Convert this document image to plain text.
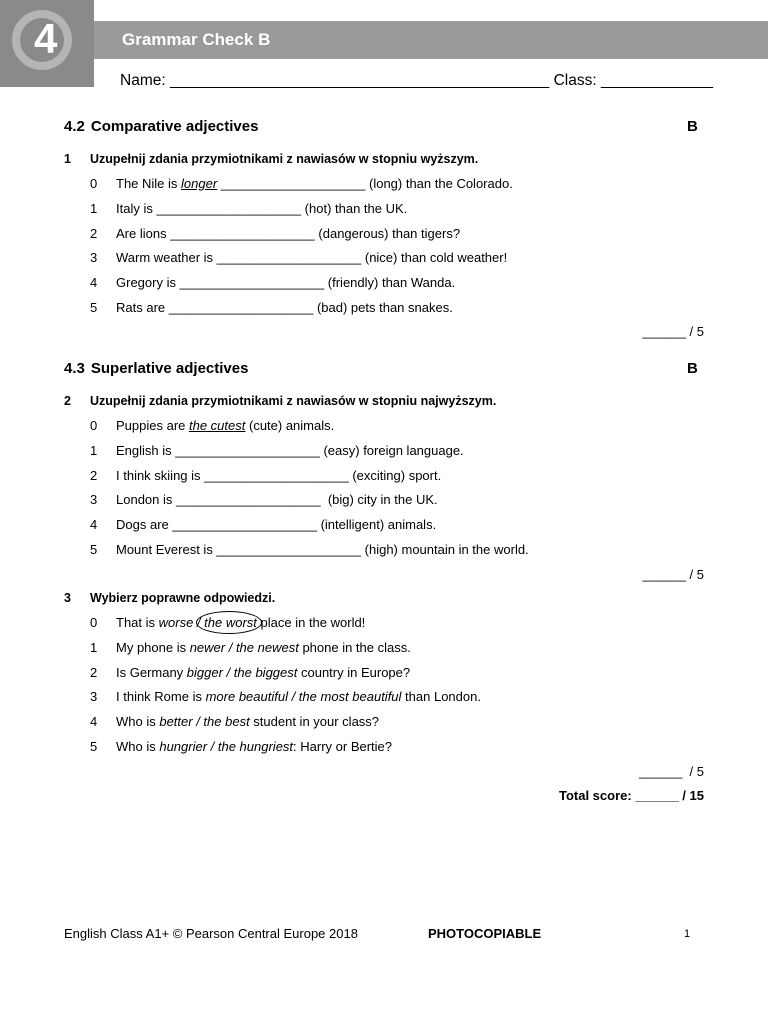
4	Grammar Check B
Name: ____________________________________________ Class: _____________
4.2 Comparative adjectives	B
1 Uzupełnij zdania przymiotnikami z nawiasów w stopniu wyższym.
0 The Nile is longer ____________________ (long) than the Colorado.
1 Italy is ____________________ (hot) than the UK.
2 Are lions ____________________ (dangerous) than tigers?
3 Warm weather is ____________________ (nice) than cold weather!
4 Gregory is ____________________ (friendly) than Wanda.
5 Rats are ____________________ (bad) pets than snakes.
______ / 5
4.3 Superlative adjectives	B
2 Uzupełnij zdania przymiotnikami z nawiasów w stopniu najwyższym.
0 Puppies are the cutest (cute) animals.
1 English is ____________________ (easy) foreign language.
2 I think skiing is ____________________ (exciting) sport.
3 London is ____________________  (big) city in the UK.
4 Dogs are ____________________ (intelligent) animals.
5 Mount Everest is ____________________ (high) mountain in the world.
______ / 5
3 Wybierz poprawne odpowiedzi.
0 That is worse / the worst place in the world!
1 My phone is newer / the newest phone in the class.
2 Is Germany bigger / the biggest country in Europe?
3 I think Rome is more beautiful / the most beautiful than London.
4 Who is better / the best student in your class?
5 Who is hungrier / the hungriest: Harry or Bertie?
______  / 5
Total score: ______ / 15
English Class A1+ © Pearson Central Europe 2018	PHOTOCOPIABLE	1
